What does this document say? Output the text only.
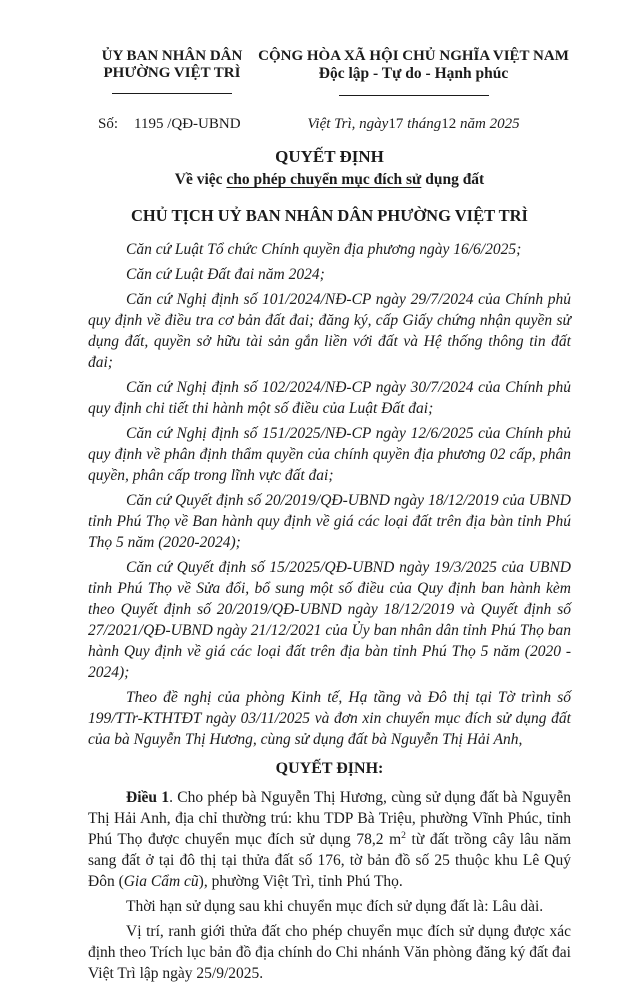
ỦY BAN NHÂN DÂN
PHƯỜNG VIỆT TRÌ
Số: 1195 /QĐ-UBND
CỘNG HÒA XÃ HỘI CHỦ NGHĨA VIỆT NAM
Độc lập - Tự do - Hạnh phúc
Việt Trì, ngày17 tháng12 năm 2025
QUYẾT ĐỊNH
Về việc cho phép chuyển mục đích sử dụng đất
CHỦ TỊCH UỶ BAN NHÂN DÂN PHƯỜNG VIỆT TRÌ

Căn cứ Luật Tổ chức Chính quyền địa phương ngày 16/6/2025;

Căn cứ Luật Đất đai năm 2024;

Căn cứ Nghị định số 101/2024/NĐ-CP ngày 29/7/2024 của Chính phủ quy định về điều tra cơ bản đất đai; đăng ký, cấp Giấy chứng nhận quyền sử dụng đất, quyền sở hữu tài sản gắn liền với đất và Hệ thống thông tin đất đai;

Căn cứ Nghị định số 102/2024/NĐ-CP ngày 30/7/2024 của Chính phủ quy định chi tiết thi hành một số điều của Luật Đất đai;

Căn cứ Nghị định số 151/2025/NĐ-CP ngày 12/6/2025 của Chính phủ quy định về phân định thẩm quyền của chính quyền địa phương 02 cấp, phân quyền, phân cấp trong lĩnh vực đất đai;

Căn cứ Quyết định số 20/2019/QĐ-UBND ngày 18/12/2019 của UBND tỉnh Phú Thọ về Ban hành quy định về giá các loại đất trên địa bàn tỉnh Phú Thọ 5 năm (2020-2024);

Căn cứ Quyết định số 15/2025/QĐ-UBND ngày 19/3/2025 của UBND tỉnh Phú Thọ về Sửa đổi, bổ sung một số điều của Quy định ban hành kèm theo Quyết định số 20/2019/QĐ-UBND ngày 18/12/2019 và Quyết định số 27/2021/QĐ-UBND ngày 21/12/2021 của Ủy ban nhân dân tỉnh Phú Thọ ban hành Quy định về giá các loại đất trên địa bàn tỉnh Phú Thọ 5 năm (2020 - 2024);

Theo đề nghị của phòng Kinh tế, Hạ tầng và Đô thị tại Tờ trình số 199/TTr-KTHTĐT ngày 03/11/2025 và đơn xin chuyển mục đích sử dụng đất của bà Nguyễn Thị Hương, cùng sử dụng đất bà Nguyễn Thị Hải Anh,

QUYẾT ĐỊNH:

Điều 1. Cho phép bà Nguyễn Thị Hương, cùng sử dụng đất bà Nguyễn Thị Hải Anh, địa chỉ thường trú: khu TDP Bà Triệu, phường Vĩnh Phúc, tỉnh Phú Thọ được chuyển mục đích sử dụng 78,2 $m^2$ từ đất trồng cây lâu năm sang đất ở tại đô thị tại thửa đất số 176, tờ bản đồ số 25 thuộc khu Lê Quý Đôn (Gia Cẩm cũ), phường Việt Trì, tỉnh Phú Thọ.

Thời hạn sử dụng sau khi chuyển mục đích sử dụng đất là: Lâu dài.

Vị trí, ranh giới thửa đất cho phép chuyển mục đích sử dụng được xác định theo Trích lục bản đồ địa chính do Chi nhánh Văn phòng đăng ký đất đai Việt Trì lập ngày 25/9/2025.
